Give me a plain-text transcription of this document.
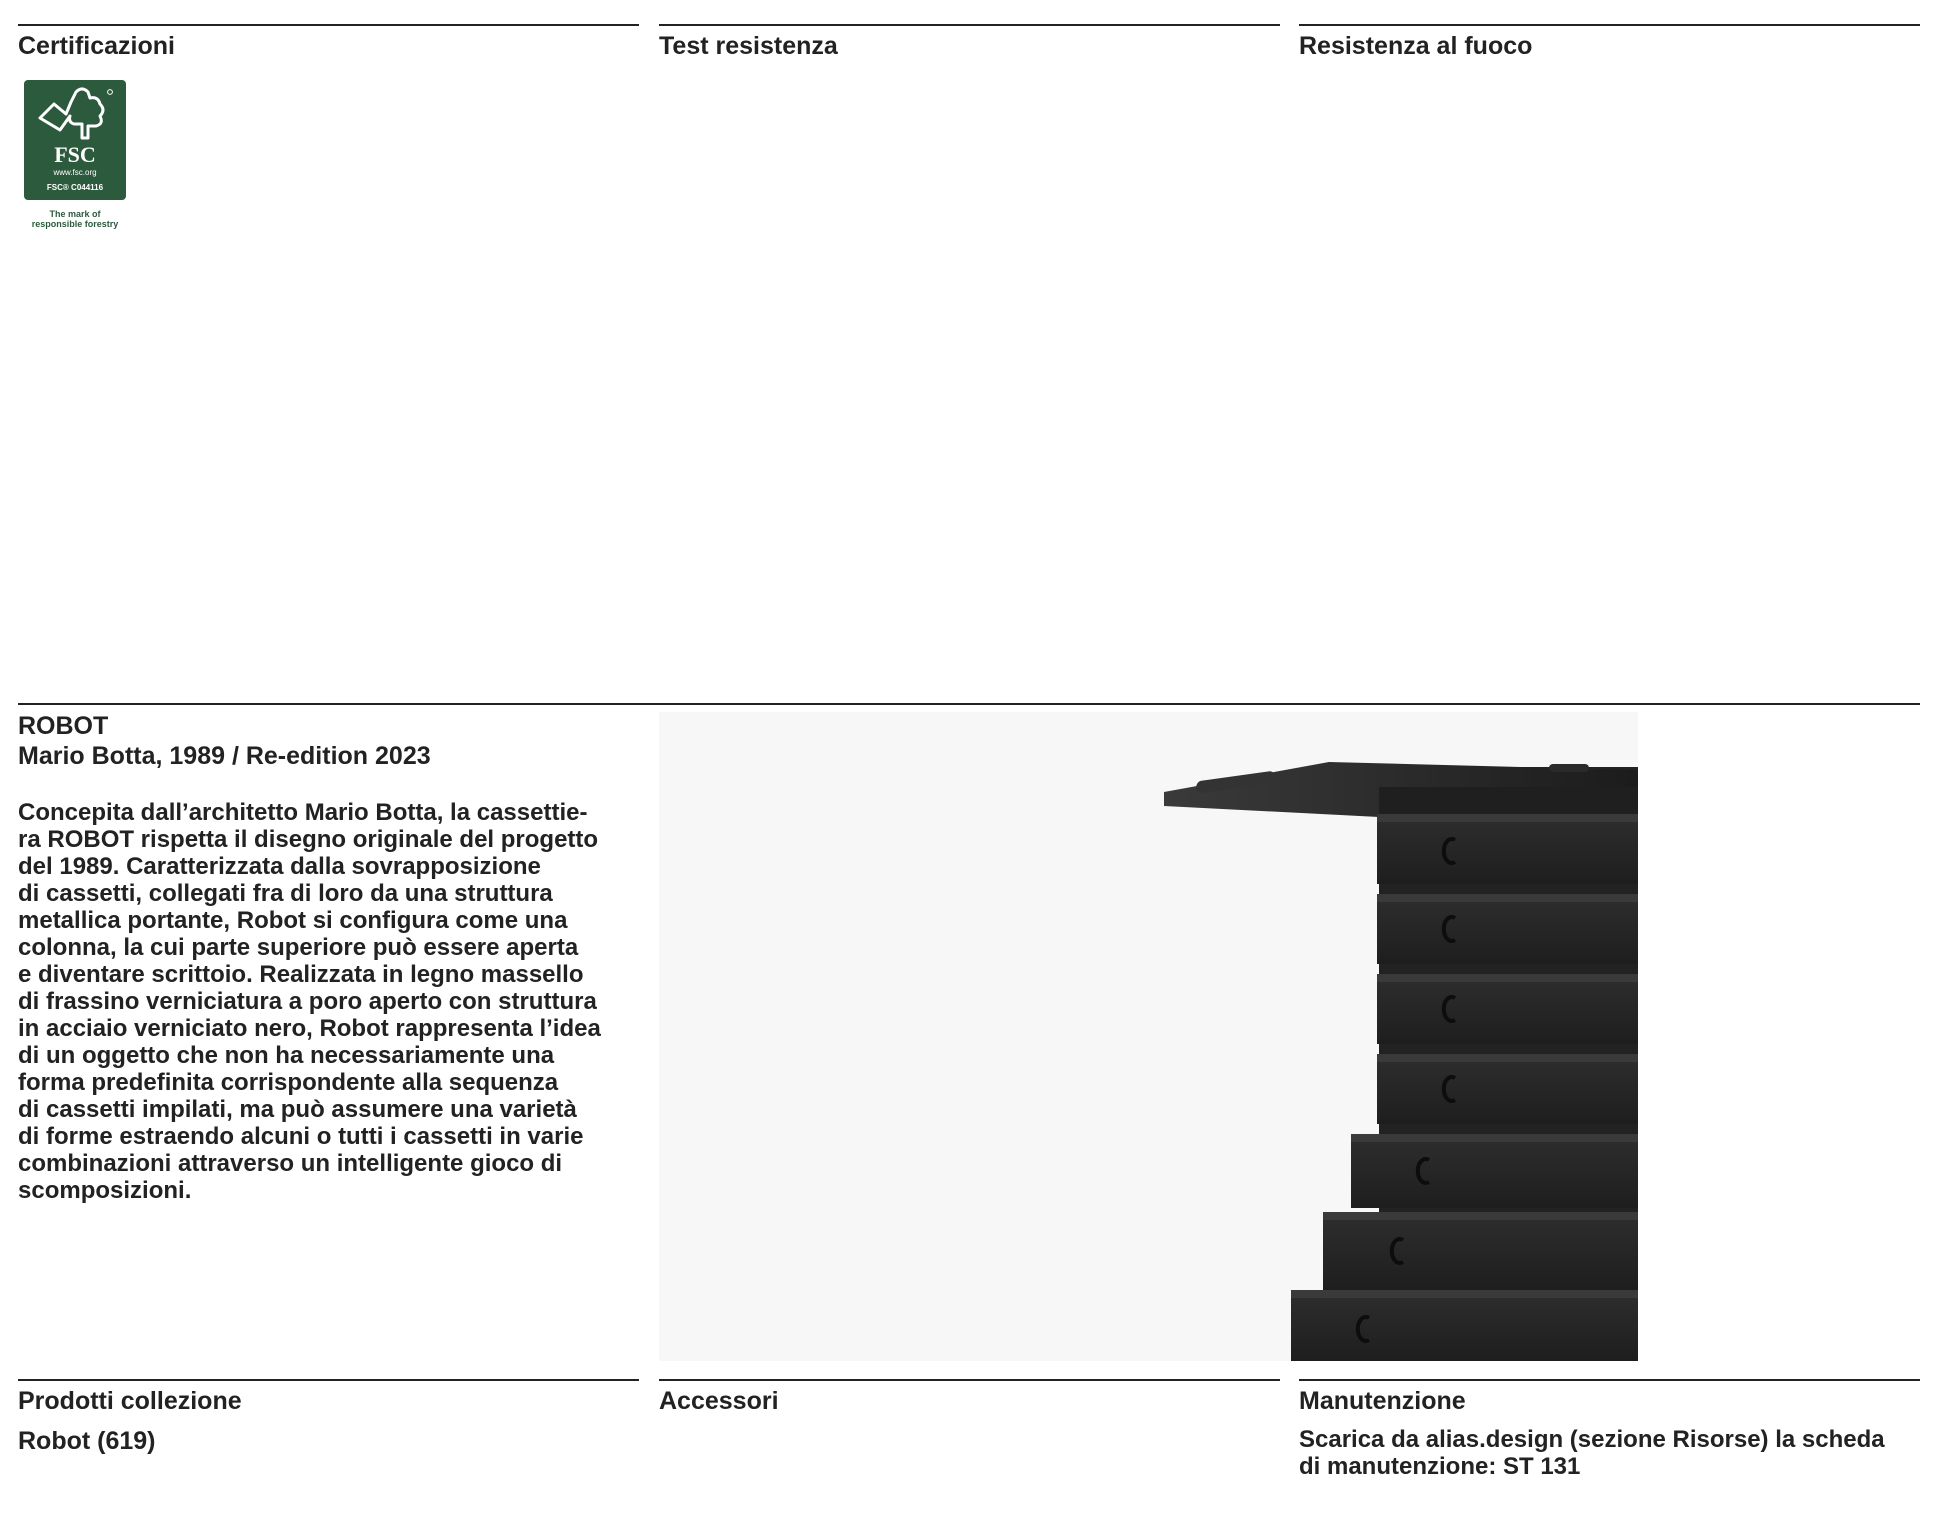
Certificazioni	Test resistenza	Resistenza al fuoco
FSC
www.fsc.org
FSC® C044116
The mark of
responsible forestry
ROBOT
Mario Botta, 1989 / Re-edition 2023
Concepita dall’architetto Mario Botta, la cassettie-
ra ROBOT rispetta il disegno originale del progetto
del 1989. Caratterizzata dalla sovrapposizione
di cassetti, collegati fra di loro da una struttura
metallica portante, Robot si configura come una
colonna, la cui parte superiore può essere aperta
e diventare scrittoio. Realizzata in legno massello
di frassino verniciatura a poro aperto con struttura
in acciaio verniciato nero, Robot rappresenta l’idea
di un oggetto che non ha necessariamente una
forma predefinita corrispondente alla sequenza
di cassetti impilati, ma può assumere una varietà
di forme estraendo alcuni o tutti i cassetti in varie
combinazioni attraverso un intelligente gioco di
scomposizioni.
Prodotti collezione	Accessori	Manutenzione
Robot (619)	Scarica da alias.design (sezione Risorse) la scheda
di manutenzione: ST 131
